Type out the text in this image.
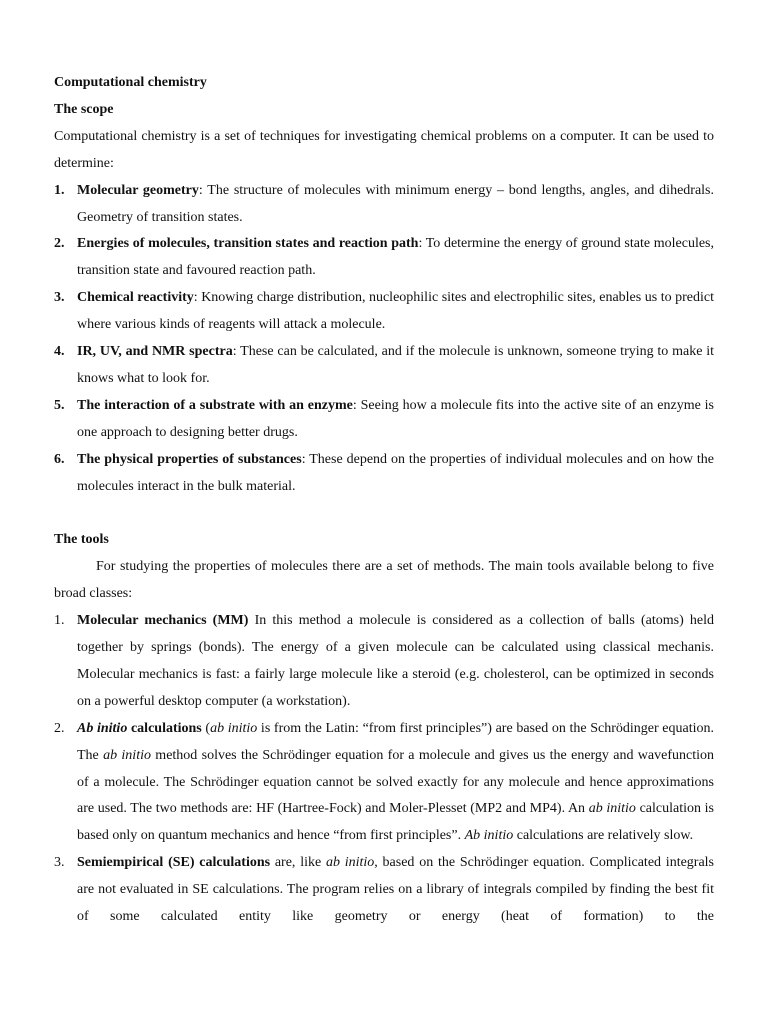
Computational chemistry

The scope

Computational chemistry is a set of techniques for investigating chemical problems on a computer. It can be used to determine:

1. Molecular geometry: The structure of molecules with minimum energy – bond lengths, angles, and dihedrals. Geometry of transition states.

2. Energies of molecules, transition states and reaction path: To determine the energy of ground state molecules, transition state and favoured reaction path.

3. Chemical reactivity: Knowing charge distribution, nucleophilic sites and electrophilic sites, enables us to predict where various kinds of reagents will attack a molecule.

4. IR, UV, and NMR spectra: These can be calculated, and if the molecule is unknown, someone trying to make it knows what to look for.

5. The interaction of a substrate with an enzyme: Seeing how a molecule fits into the active site of an enzyme is one approach to designing better drugs.

6. The physical properties of substances: These depend on the properties of individual molecules and on how the molecules interact in the bulk material.

The tools

For studying the properties of molecules there are a set of methods. The main tools available belong to five broad classes:

1. Molecular mechanics (MM) In this method a molecule is considered as a collection of balls (atoms) held together by springs (bonds). The energy of a given molecule can be calculated using classical mechanis. Molecular mechanics is fast: a fairly large molecule like a steroid (e.g. cholesterol, can be optimized in seconds on a powerful desktop computer (a workstation).

2. Ab initio calculations (ab initio is from the Latin: “from first principles”) are based on the Schrödinger equation. The ab initio method solves the Schrödinger equation for a molecule and gives us the energy and wavefunction of a molecule. The Schrödinger equation cannot be solved exactly for any molecule and hence approximations are used. The two methods are: HF (Hartree-Fock) and Moler-Plesset (MP2 and MP4). An ab initio calculation is based only on quantum mechanics and hence “from first principles”. Ab initio calculations are relatively slow.

3. Semiempirical (SE) calculations are, like ab initio, based on the Schrödinger equation. Complicated integrals are not evaluated in SE calculations. The program relies on a library of integrals compiled by finding the best fit of some calculated entity like geometry or energy (heat of formation) to the
